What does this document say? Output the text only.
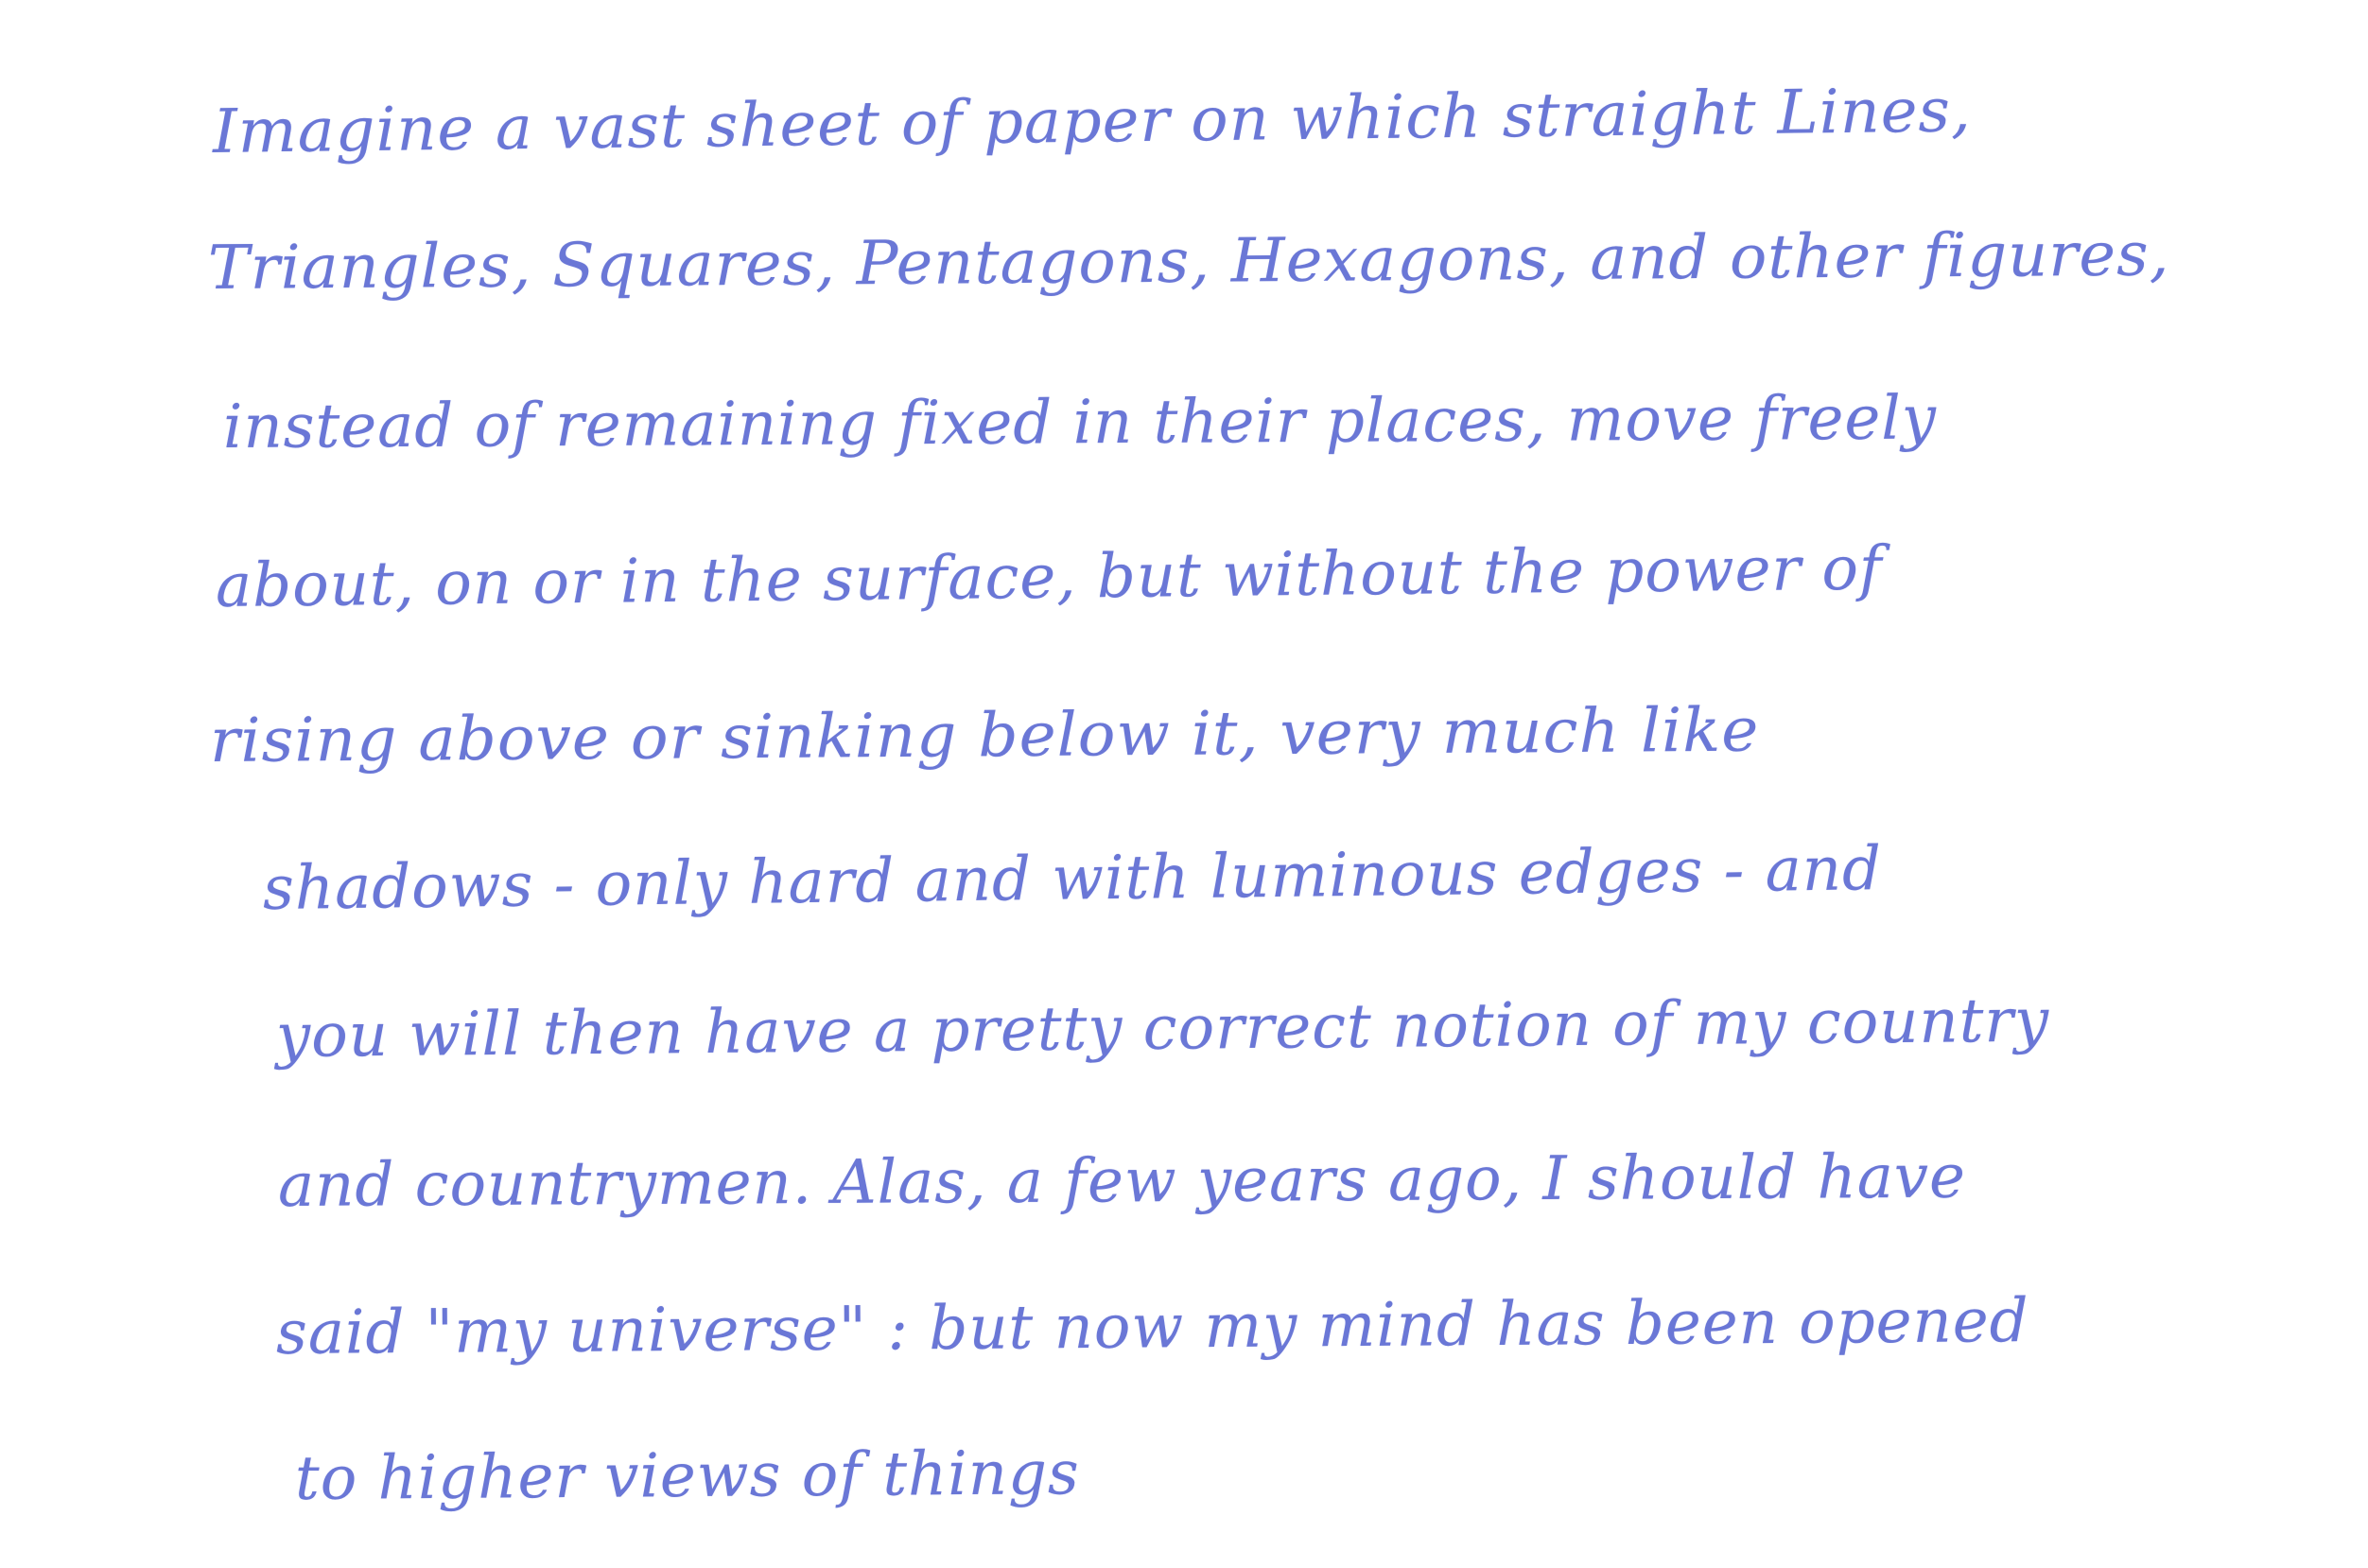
Imagine a vast sheet of paper on which straight Lines,
Triangles, Squares, Pentagons, Hexagons, and other figures,
instead of remaining fixed in their places, move freely
about, on or in the surface, but without the power of
rising above or sinking below it, very much like
shadows - only hard and with luminous edges - and
you will then have a pretty correct notion of my country
and countrymen. Alas, a few years ago, I should have
said "my universe" : but now my mind has been opened
to higher views of things
